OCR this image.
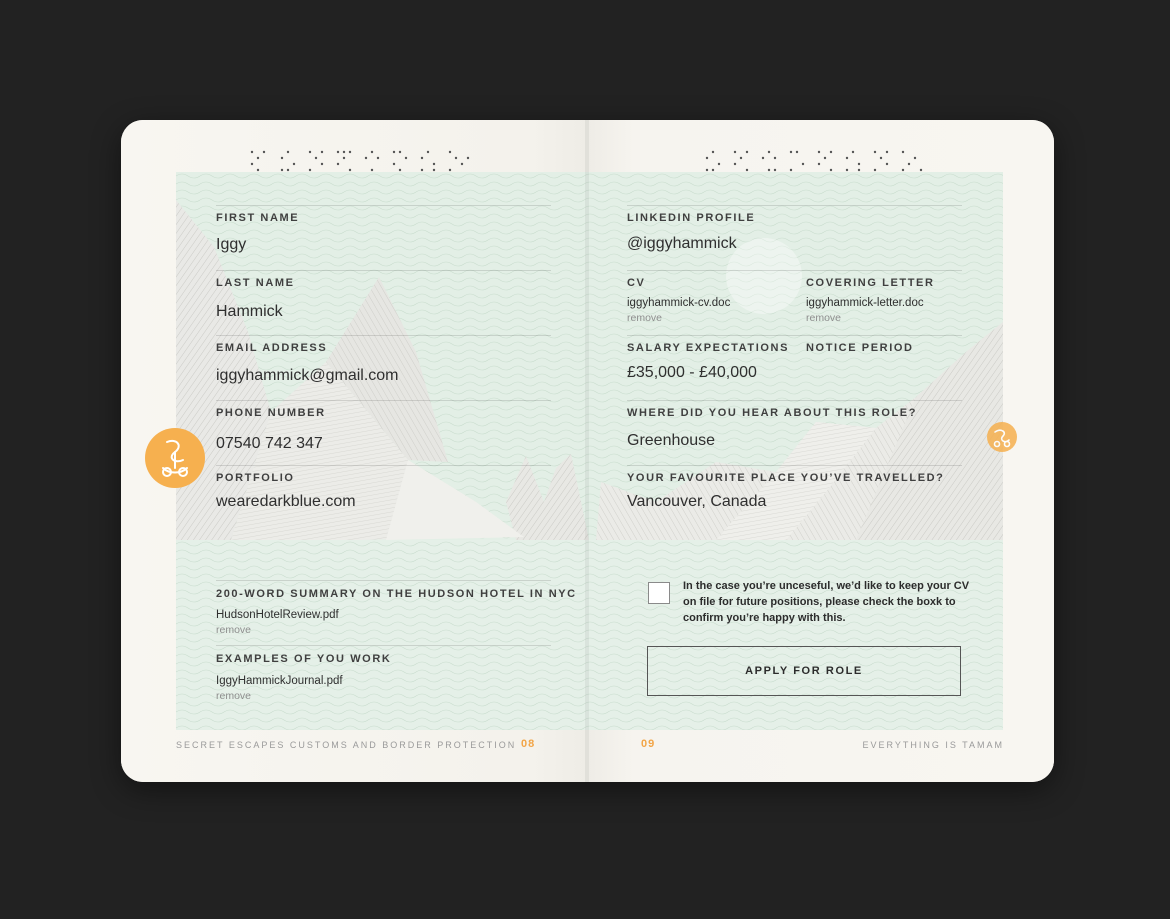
FIRST NAME
Iggy
LAST NAME
Hammick
EMAIL ADDRESS
iggyhammick@gmail.com
PHONE NUMBER
07540 742 347
PORTFOLIO
wearedarkblue.com
200-WORD SUMMARY ON THE HUDSON HOTEL IN NYC
HudsonHotelReview.pdf
remove
EXAMPLES OF YOU WORK
IggyHammickJournal.pdf
remove
SECRET ESCAPES CUSTOMS AND BORDER PROTECTION 08
LINKEDIN PROFILE
@iggyhammick
CV
iggyhammick-cv.doc
remove
COVERING LETTER
iggyhammick-letter.doc
remove
SALARY EXPECTATIONS
£35,000 - £40,000
NOTICE PERIOD
WHERE DID YOU HEAR ABOUT THIS ROLE?
Greenhouse
YOUR FAVOURITE PLACE YOU’VE TRAVELLED?
Vancouver, Canada
In the case you’re unceseful, we’d like to keep your CV on file for future positions, please check the boxk to confirm you’re happy with this.
APPLY FOR ROLE
09	EVERYTHING IS TAMAM
